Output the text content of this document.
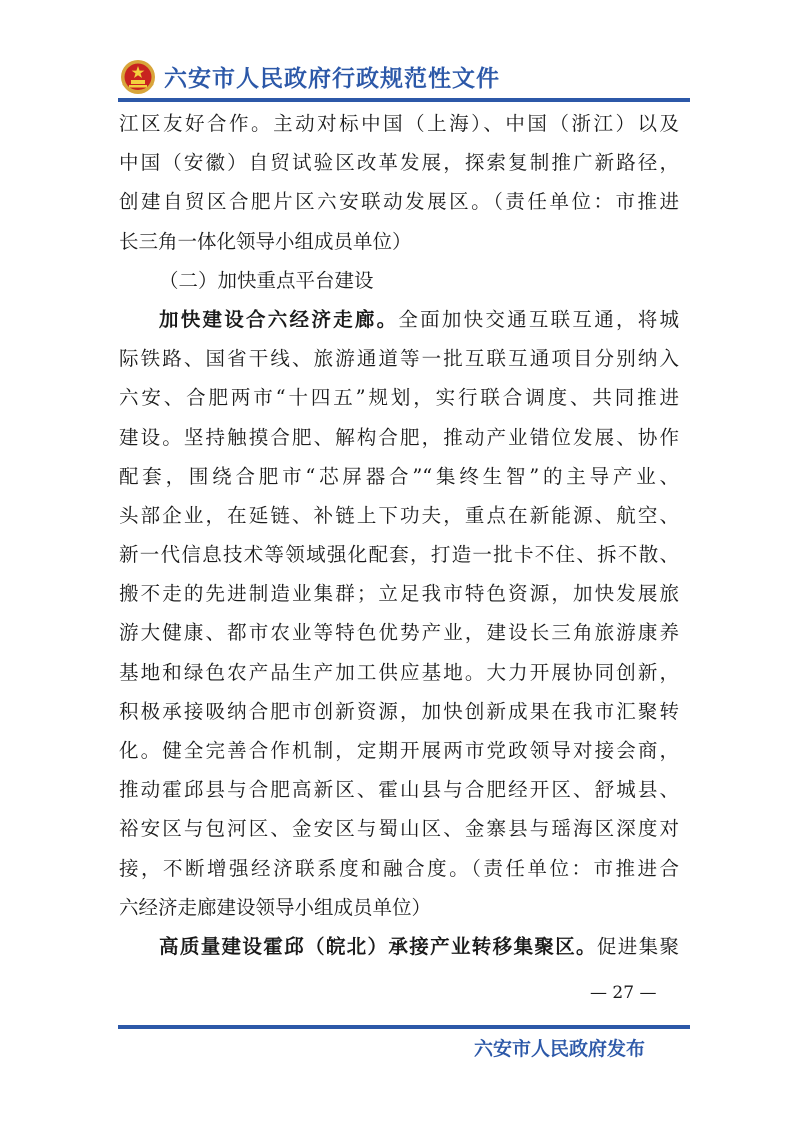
六安市人民政府行政规范性文件
江区友好合作。主动对标中国（上海）、中国（浙江）以及
中国（安徽）自贸试验区改革发展，探索复制推广新路径，
创建自贸区合肥片区六安联动发展区。（责任单位：市推进
长三角一体化领导小组成员单位）
（二）加快重点平台建设
加快建设合六经济走廊。全面加快交通互联互通，将城
际铁路、国省干线、旅游通道等一批互联互通项目分别纳入
六安、合肥两市“十四五”规划，实行联合调度、共同推进
建设。坚持触摸合肥、解构合肥，推动产业错位发展、协作
配套，围绕合肥市“芯屏器合”“集终生智”的主导产业、
头部企业，在延链、补链上下功夫，重点在新能源、航空、
新一代信息技术等领域强化配套，打造一批卡不住、拆不散、
搬不走的先进制造业集群；立足我市特色资源，加快发展旅
游大健康、都市农业等特色优势产业，建设长三角旅游康养
基地和绿色农产品生产加工供应基地。大力开展协同创新，
积极承接吸纳合肥市创新资源，加快创新成果在我市汇聚转
化。健全完善合作机制，定期开展两市党政领导对接会商，
推动霍邱县与合肥高新区、霍山县与合肥经开区、舒城县、
裕安区与包河区、金安区与蜀山区、金寨县与瑶海区深度对
接，不断增强经济联系度和融合度。（责任单位：市推进合
六经济走廊建设领导小组成员单位）
高质量建设霍邱（皖北）承接产业转移集聚区。促进集聚
— 27 —
六安市人民政府发布
